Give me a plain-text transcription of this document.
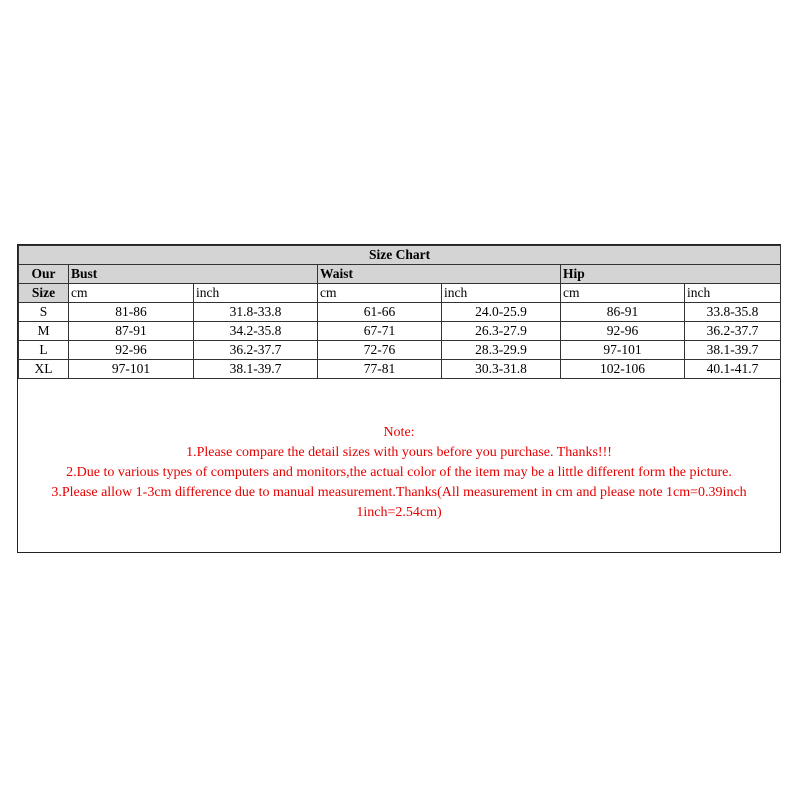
Size Chart						
Our	Bust		Waist		Hip	
Size	cm	inch	cm	inch	cm	inch
S	81-86	31.8-33.8	61-66	24.0-25.9	86-91	33.8-35.8
M	87-91	34.2-35.8	67-71	26.3-27.9	92-96	36.2-37.7
L	92-96	36.2-37.7	72-76	28.3-29.9	97-101	38.1-39.7
XL	97-101	38.1-39.7	77-81	30.3-31.8	102-106	40.1-41.7
Note:
1.Please compare the detail sizes with yours before you purchase. Thanks!!!
2.Due to various types of computers and monitors,the actual color of the item may be a little different form the picture.
3.Please allow 1-3cm difference due to manual measurement.Thanks(All measurement in cm and please note 1cm=0.39inch
1inch=2.54cm)
